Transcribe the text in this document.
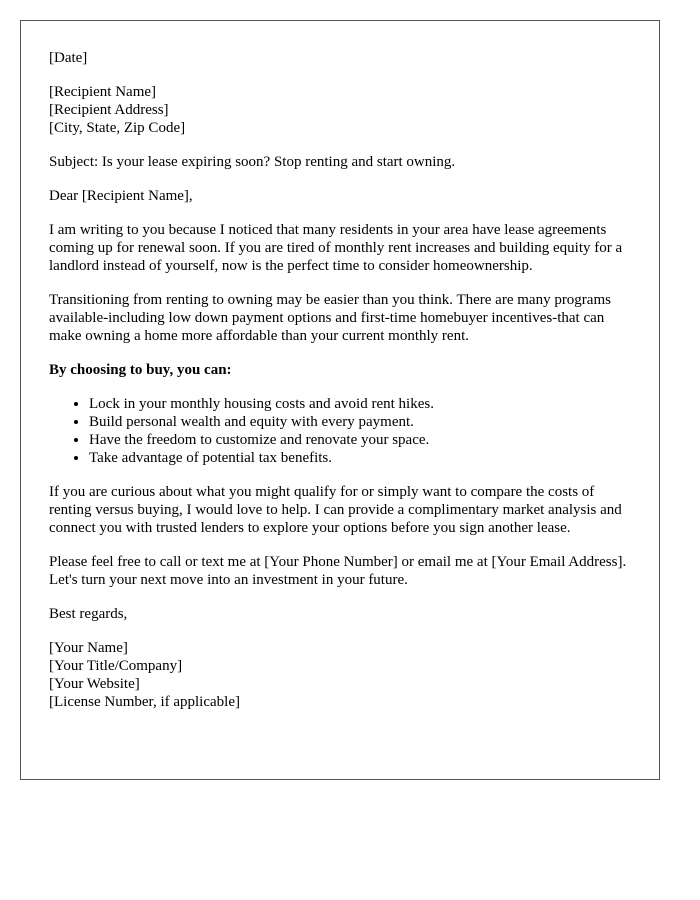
[Date]

[Recipient Name]
[Recipient Address]
[City, State, Zip Code]

Subject: Is your lease expiring soon? Stop renting and start owning.

Dear [Recipient Name],

I am writing to you because I noticed that many residents in your area have lease agreements coming up for renewal soon. If you are tired of monthly rent increases and building equity for a landlord instead of yourself, now is the perfect time to consider homeownership.

Transitioning from renting to owning may be easier than you think. There are many programs available-including low down payment options and first-time homebuyer incentives-that can make owning a home more affordable than your current monthly rent.

By choosing to buy, you can:

• Lock in your monthly housing costs and avoid rent hikes.
• Build personal wealth and equity with every payment.
• Have the freedom to customize and renovate your space.
• Take advantage of potential tax benefits.

If you are curious about what you might qualify for or simply want to compare the costs of renting versus buying, I would love to help. I can provide a complimentary market analysis and connect you with trusted lenders to explore your options before you sign another lease.

Please feel free to call or text me at [Your Phone Number] or email me at [Your Email Address]. Let's turn your next move into an investment in your future.

Best regards,

[Your Name]
[Your Title/Company]
[Your Website]
[License Number, if applicable]
